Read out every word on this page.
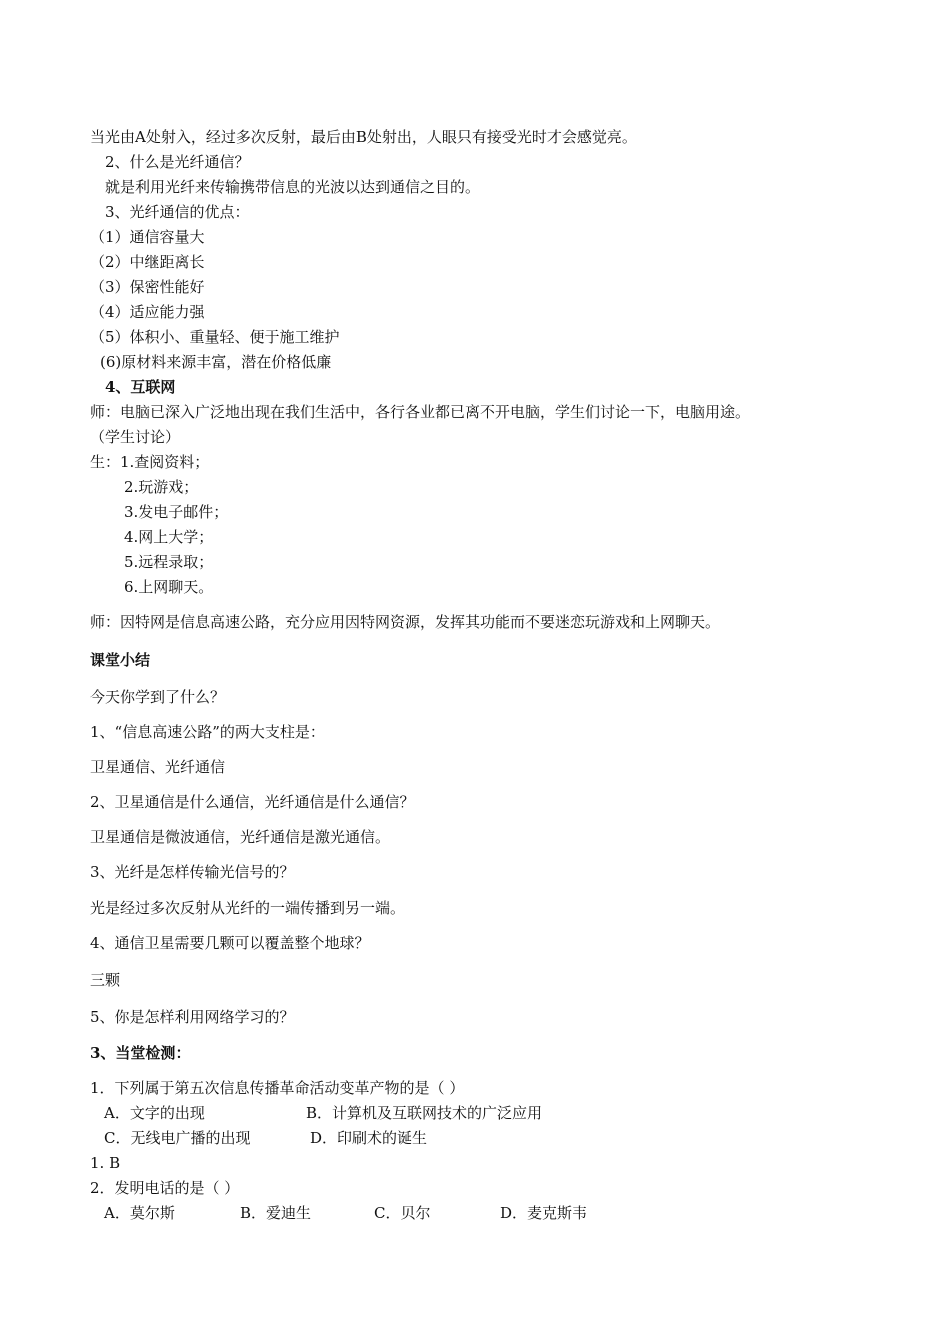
当光由A处射入，经过多次反射，最后由B处射出，人眼只有接受光时才会感觉亮。
2、什么是光纤通信？
就是利用光纤来传输携带信息的光波以达到通信之目的。
3、光纤通信的优点：
（1）通信容量大
（2）中继距离长
（3）保密性能好
（4）适应能力强
（5）体积小、重量轻、便于施工维护
(6)原材料来源丰富，潜在价格低廉
4、互联网
师：电脑已深入广泛地出现在我们生活中，各行各业都已离不开电脑，学生们讨论一下，电脑用途。
（学生讨论）
生：1.查阅资料；
2.玩游戏；
3.发电子邮件；
4.网上大学；
5.远程录取；
6.上网聊天。
师：因特网是信息高速公路，充分应用因特网资源，发挥其功能而不要迷恋玩游戏和上网聊天。
课堂小结
今天你学到了什么？
1、“信息高速公路”的两大支柱是：
卫星通信、光纤通信
2、卫星通信是什么通信，光纤通信是什么通信？
卫星通信是微波通信，光纤通信是激光通信。
3、光纤是怎样传输光信号的？
光是经过多次反射从光纤的一端传播到另一端。
4、通信卫星需要几颗可以覆盖整个地球？
三颗
5、你是怎样利用网络学习的？
3、当堂检测：
1．下列属于第五次信息传播革命活动变革产物的是（ ）
A．文字的出现	B．计算机及互联网技术的广泛应用
C．无线电广播的出现	D．印刷术的诞生
1. B
2．发明电话的是（ ）
A．莫尔斯	B．爱迪生	C．贝尔	D．麦克斯韦
